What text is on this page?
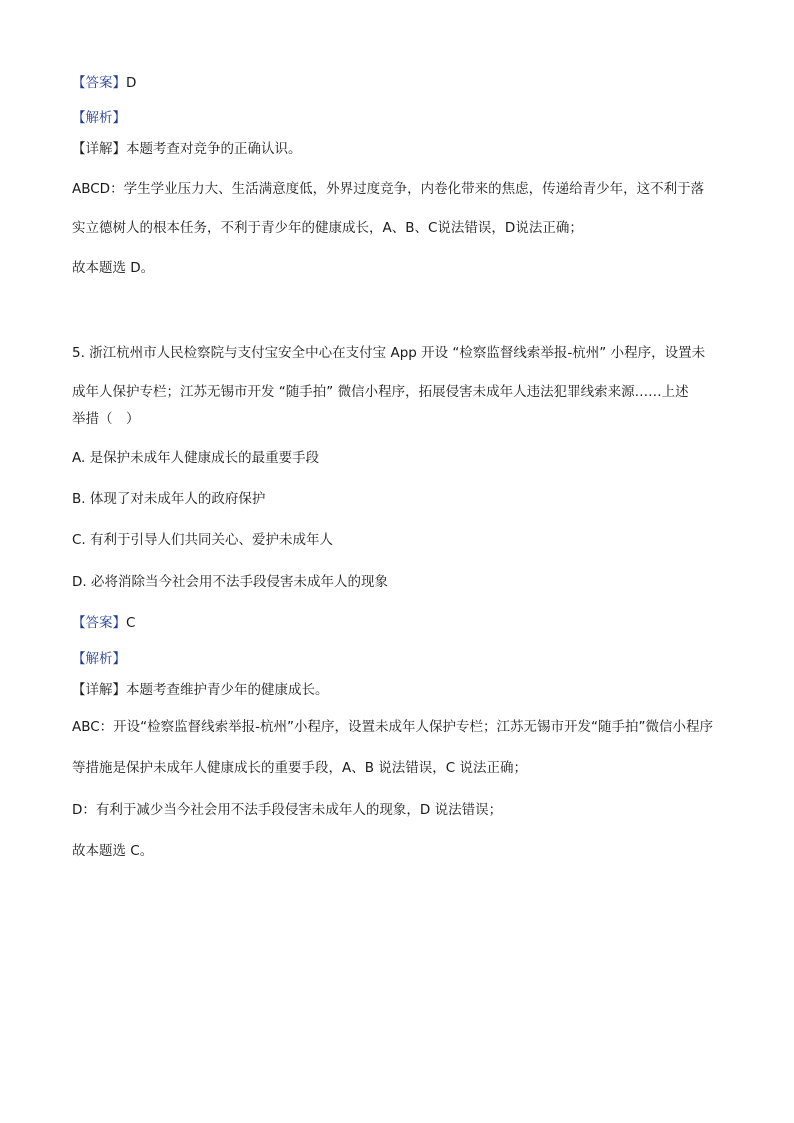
【答案】D
【解析】
【详解】本题考查对竞争的正确认识。
ABCD：学生学业压力大、生活满意度低，外界过度竞争，内卷化带来的焦虑，传递给青少年，这不利于落
实立德树人的根本任务，不利于青少年的健康成长，A、B、C说法错误，D说法正确；
故本题选 D。
5. 浙江杭州市人民检察院与支付宝安全中心在支付宝 App 开设 “检察监督线索举报-杭州” 小程序，设置未
成年人保护专栏；江苏无锡市开发 “随手拍” 微信小程序，拓展侵害未成年人违法犯罪线索来源……上述
举措（　）
A. 是保护未成年人健康成长的最重要手段
B. 体现了对未成年人的政府保护
C. 有利于引导人们共同关心、爱护未成年人
D. 必将消除当今社会用不法手段侵害未成年人的现象
【答案】C
【解析】
【详解】本题考查维护青少年的健康成长。
ABC：开设“检察监督线索举报-杭州”小程序，设置未成年人保护专栏；江苏无锡市开发“随手拍”微信小程序
等措施是保护未成年人健康成长的重要手段，A、B 说法错误，C 说法正确；
D：有利于减少当今社会用不法手段侵害未成年人的现象，D 说法错误；
故本题选 C。
